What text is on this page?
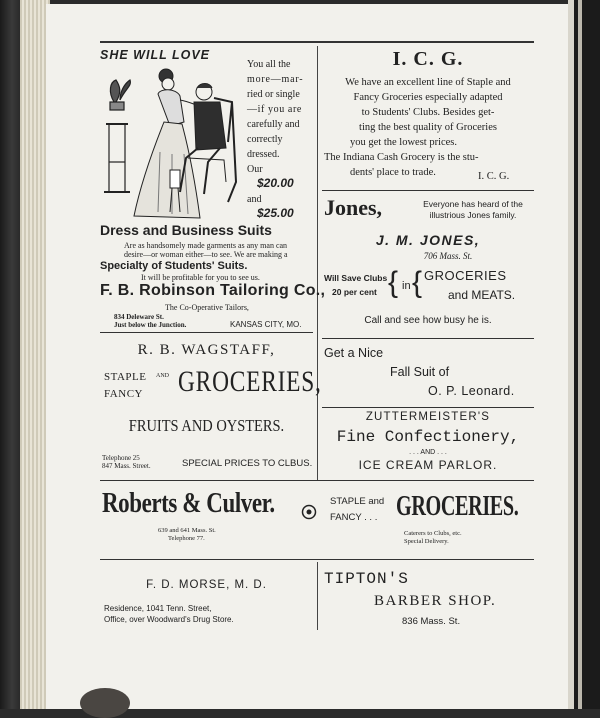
SHE WILL LOVE
You all the
more—mar-
ried or single
—if you are
carefully and
correctly
dressed.
Our
$20.00
and
$25.00
Dress and Business Suits
Are as handsomely made garments as any man can
desire—or woman either—to see. We are making a
Specialty of Students' Suits.
It will be profitable for you to see us.
F. B. Robinson Tailoring Co.,
The Co-Operative Tailors,
834 Deleware St.
Just below the Junction.	KANSAS CITY, MO.
I. C. G.
We have an excellent line of Staple and
Fancy Groceries especially adapted
to Students' Clubs. Besides get-
ting the best quality of Groceries
you get the lowest prices.
The Indiana Cash Grocery is the stu-
dents' place to trade.	I. C. G.
Jones,	Everyone has heard of the
illustrious Jones family.
J. M. JONES,
706 Mass. St.
Will Save Clubs
20 per cent { in { GROCERIES
and MEATS.
Call and see how busy he is.
R. B. WAGSTAFF,
STAPLE AND
FANCY GROCERIES,
FRUITS AND OYSTERS.
Telephone 25
847 Mass. Street.	SPECIAL PRICES TO CLBUS.
Get a Nice
Fall Suit of
O. P. Leonard.
ZUTTERMEISTER'S
Fine Confectionery,
. . . AND . . .
ICE CREAM PARLOR.
Roberts & Culver.
639 and 641 Mass. St.
Telephone 77.
STAPLE and
FANCY . . . GROCERIES.
Caterers to Clubs, etc.
Special Delivery.
F. D. MORSE, M. D.
Residence, 1041 Tenn. Street,
Office, over Woodward's Drug Store.
TIPTON'S
BARBER SHOP.
836 Mass. St.
